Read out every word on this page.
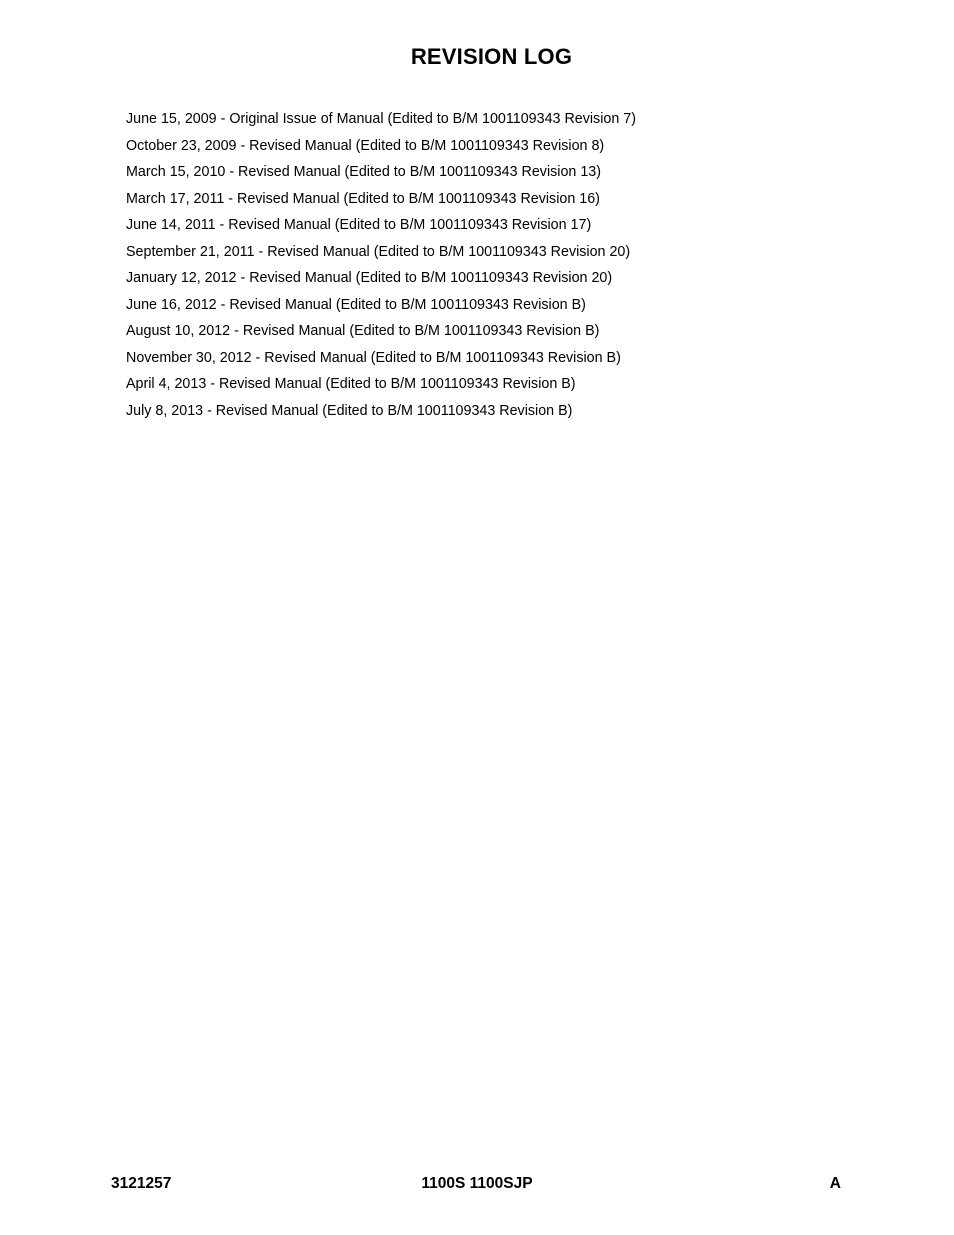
REVISION LOG
June 15, 2009 - Original Issue of Manual (Edited to B/M 1001109343 Revision 7)
October 23, 2009 - Revised Manual (Edited to B/M 1001109343 Revision 8)
March 15, 2010 - Revised Manual (Edited to B/M 1001109343 Revision 13)
March 17, 2011 - Revised Manual (Edited to B/M 1001109343 Revision 16)
June 14, 2011 - Revised Manual (Edited to B/M 1001109343 Revision 17)
September 21, 2011 - Revised Manual (Edited to B/M 1001109343 Revision 20)
January 12, 2012 - Revised Manual (Edited to B/M 1001109343 Revision 20)
June 16, 2012 - Revised Manual (Edited to B/M 1001109343 Revision B)
August 10, 2012 - Revised Manual (Edited to B/M 1001109343 Revision B)
November 30, 2012 - Revised Manual (Edited to B/M 1001109343 Revision B)
April 4, 2013 - Revised Manual (Edited to B/M 1001109343 Revision B)
July 8, 2013 - Revised Manual (Edited to B/M 1001109343 Revision B)
3121257	1100S 1100SJP	A
